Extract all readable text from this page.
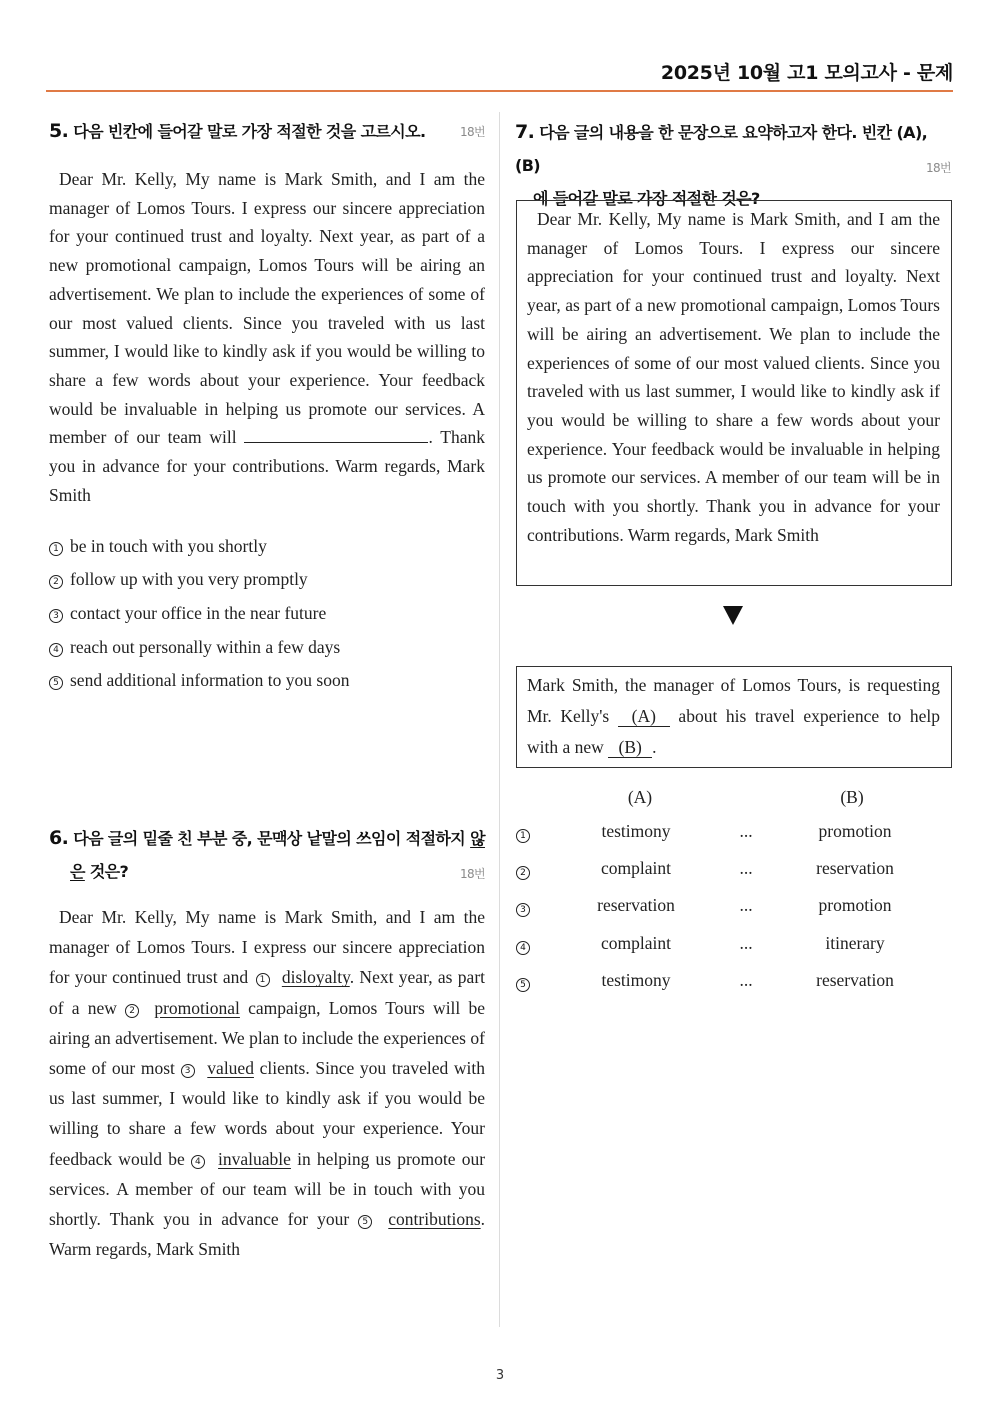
2025년 10월 고1 모의고사 - 문제
5. 다음 빈칸에 들어갈 말로 가장 적절한 것을 고르시오.	18번

Dear Mr. Kelly, My name is Mark Smith, and I am the manager of Lomos Tours. I express our sincere appreciation for your continued trust and loyalty. Next year, as part of a new promotional campaign, Lomos Tours will be airing an advertisement. We plan to include the experiences of some of our most valued clients. Since you traveled with us last summer, I would like to kindly ask if you would be willing to share a few words about your experience. Your feedback would be invaluable in helping us promote our services. A member of our team will	. Thank you in advance for your contributions. Warm regards, Mark Smith

1 be in touch with you shortly
2 follow up with you very promptly
3 contact your office in the near future
4 reach out personally within a few days
5 send additional information to you soon
6. 다음 글의 밑줄 친 부분 중, 문맥상 낱말의 쓰임이 적절하지 않
은 것은?	18번

Dear Mr. Kelly, My name is Mark Smith, and I am the manager of Lomos Tours. I express our sincere appreciation for your continued trust and 1 disloyalty. Next year, as part of a new 2 promotional campaign, Lomos Tours will be airing an advertisement. We plan to include the experiences of some of our most 3 valued clients. Since you traveled with us last summer, I would like to kindly ask if you would be willing to share a few words about your experience. Your feedback would be 4 invaluable in helping us promote our services. A member of our team will be in touch with you shortly. Thank you in advance for your 5 contributions. Warm regards, Mark Smith

7. 다음 글의 내용을 한 문장으로 요약하고자 한다. 빈칸 (A), (B)
에 들어갈 말로 가장 적절한 것은?
18번

Dear Mr. Kelly, My name is Mark Smith, and I am the manager of Lomos Tours. I express our sincere appreciation for your continued trust and loyalty. Next year, as part of a new promotional campaign, Lomos Tours will be airing an advertisement. We plan to include the experiences of some of our most valued clients. Since you traveled with us last summer, I would like to kindly ask if you would be willing to share a few words about your experience. Your feedback would be invaluable in helping us promote our services. A member of our team will be in touch with you shortly. Thank you in advance for your contributions. Warm regards, Mark Smith

Mark Smith, the manager of Lomos Tours, is requesting Mr. Kelly's (A) about his travel experience to help with a new (B) .

(A)	(B)
1	testimony	...	promotion
2	complaint	...	reservation
3	reservation	...	promotion
4	complaint	...	itinerary
5	testimony	...	reservation
3
